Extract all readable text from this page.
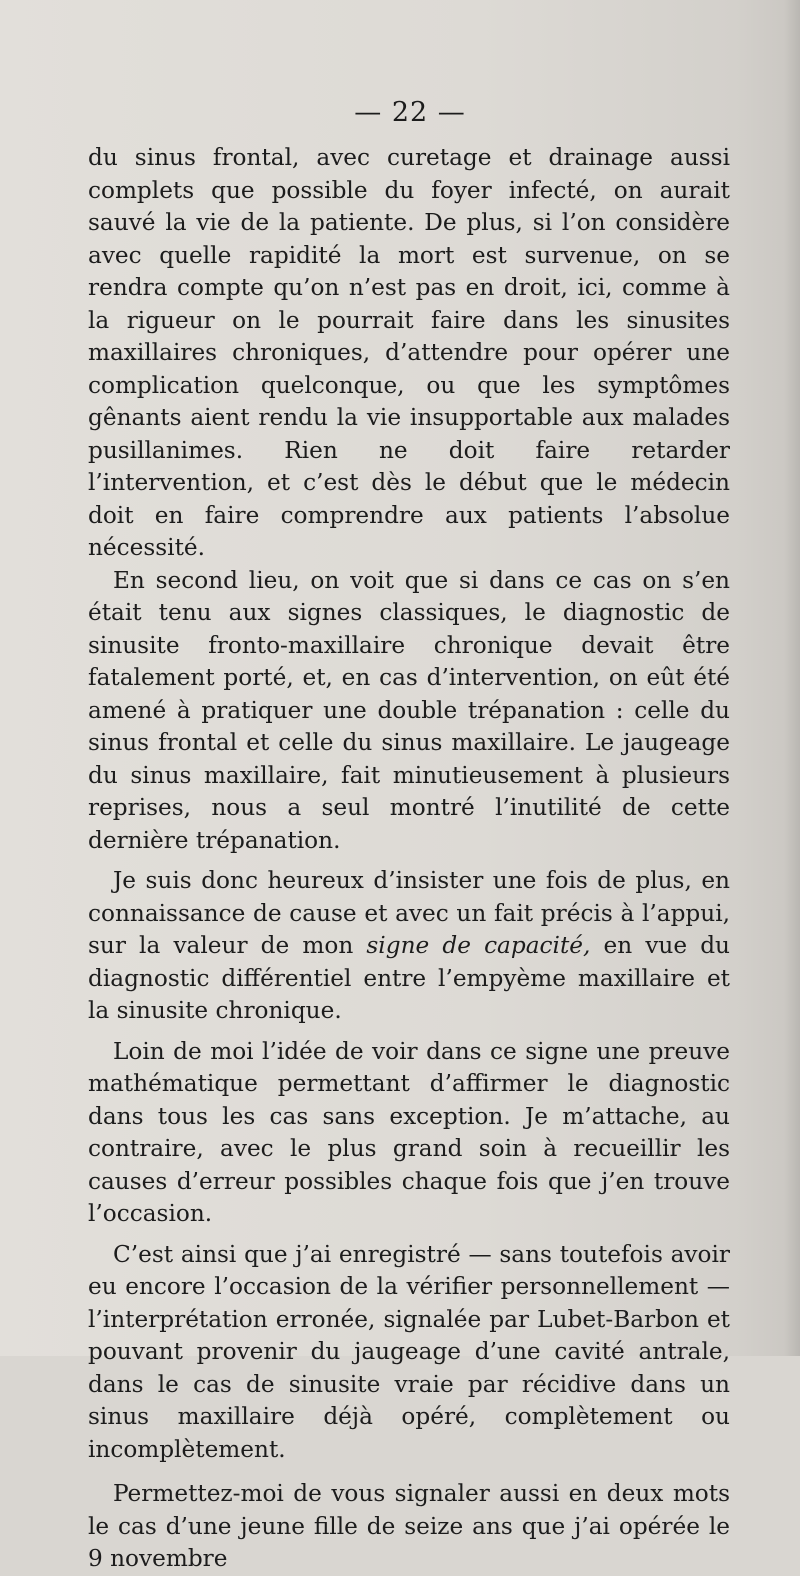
— 22 —

du sinus frontal, avec curetage et drainage aussi complets que possible du foyer infecté, on aurait sauvé la vie de la patiente. De plus, si l’on considère avec quelle rapidité la mort est survenue, on se rendra compte qu’on n’est pas en droit, ici, comme à la rigueur on le pourrait faire dans les sinusites maxillaires chroniques, d’attendre pour opérer une complication quelconque, ou que les symptômes gênants aient rendu la vie insupportable aux malades pusillanimes. Rien ne doit faire retarder l’intervention, et c’est dès le début que le médecin doit en faire comprendre aux patients l’absolue nécessité.

En second lieu, on voit que si dans ce cas on s’en était tenu aux signes classiques, le diagnostic de sinusite fronto-maxillaire chronique devait être fatalement porté, et, en cas d’intervention, on eût été amené à pratiquer une double trépanation : celle du sinus frontal et celle du sinus maxillaire. Le jaugeage du sinus maxillaire, fait minutieusement à plusieurs reprises, nous a seul montré l’inutilité de cette dernière trépanation.

Je suis donc heureux d’insister une fois de plus, en connaissance de cause et avec un fait précis à l’appui, sur la valeur de mon signe de capacité, en vue du diagnostic différentiel entre l’empyème maxillaire et la sinusite chronique.

Loin de moi l’idée de voir dans ce signe une preuve mathématique permettant d’affirmer le diagnostic dans tous les cas sans exception. Je m’attache, au contraire, avec le plus grand soin à recueillir les causes d’erreur possibles chaque fois que j’en trouve l’occasion.

C’est ainsi que j’ai enregistré — sans toutefois avoir eu encore l’occasion de la vérifier personnellement — l’interprétation erronée, signalée par Lubet-Barbon et pouvant provenir du jaugeage d’une cavité antrale, dans le cas de sinusite vraie par récidive dans un sinus maxillaire déjà opéré, complètement ou incomplètement.

Permettez-moi de vous signaler aussi en deux mots le cas d’une jeune fille de seize ans que j’ai opérée le 9 novembre
